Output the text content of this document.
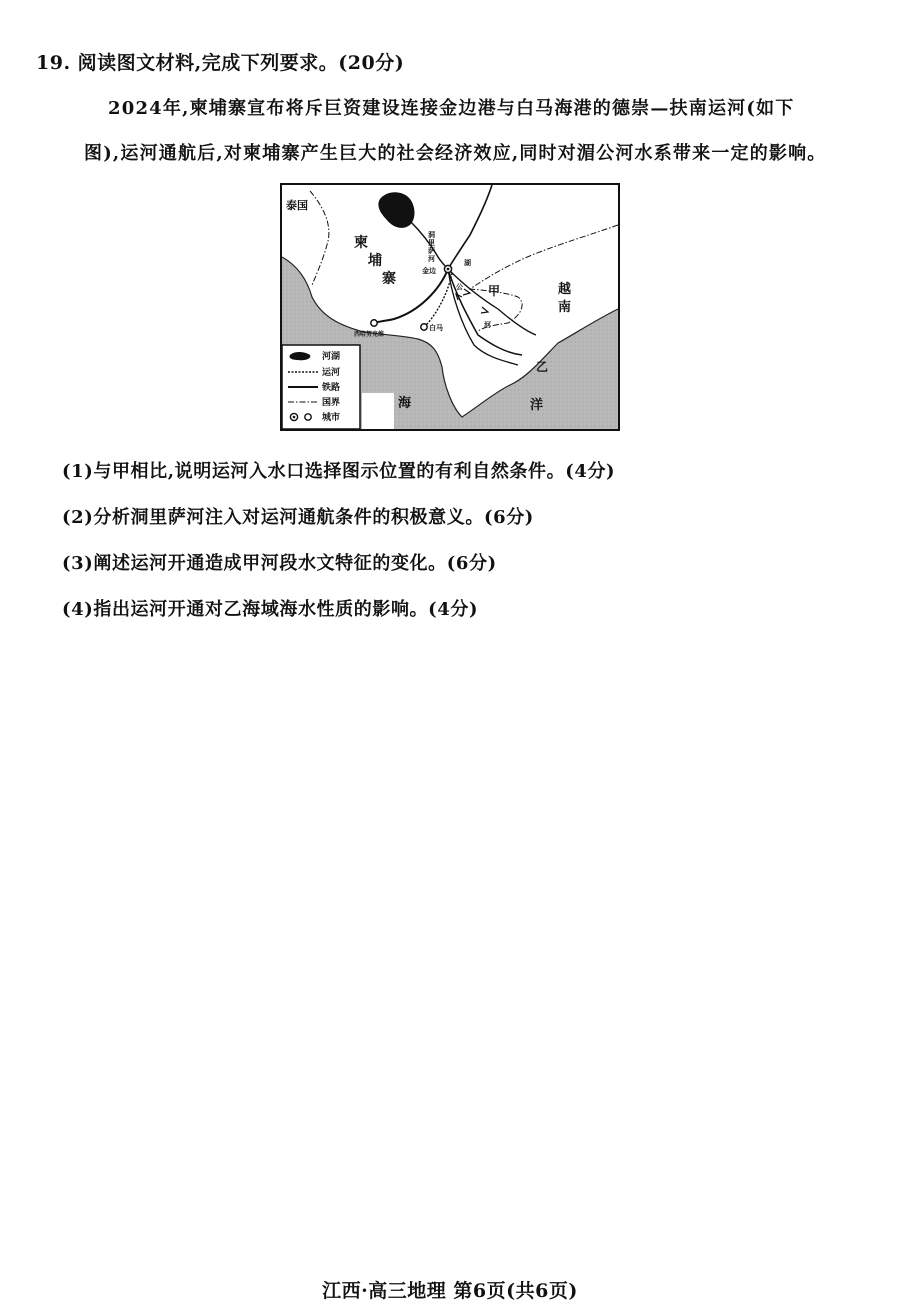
19. 阅读图文材料,完成下列要求。(20分)
2024年,柬埔寨宣布将斥巨资建设连接金边港与白马海港的德崇—扶南运河(如下
图),运河通航后,对柬埔寨产生巨大的社会经济效应,同时对湄公河水系带来一定的影响。
泰国
柬
埔
寨
越
南
洞
里
萨
河	湖
金边
公
河
甲
乙
白马
西哈努克维
海	洋
河湖
运河
铁路
国界
城市
(1)与甲相比,说明运河入水口选择图示位置的有利自然条件。(4分)
(2)分析洞里萨河注入对运河通航条件的积极意义。(6分)
(3)阐述运河开通造成甲河段水文特征的变化。(6分)
(4)指出运河开通对乙海域海水性质的影响。(4分)
江西·高三地理 第6页(共6页)
